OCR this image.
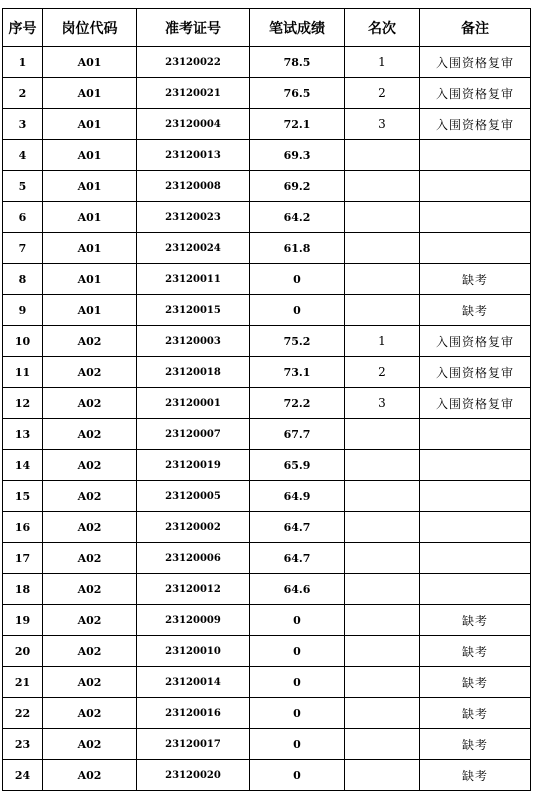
序号	岗位代码	准考证号	笔试成绩	名次	备注
1	A01	23120022	78.5	1	入围资格复审
2	A01	23120021	76.5	2	入围资格复审
3	A01	23120004	72.1	3	入围资格复审
4	A01	23120013	69.3		
5	A01	23120008	69.2		
6	A01	23120023	64.2		
7	A01	23120024	61.8		
8	A01	23120011	0		缺考
9	A01	23120015	0		缺考
10	A02	23120003	75.2	1	入围资格复审
11	A02	23120018	73.1	2	入围资格复审
12	A02	23120001	72.2	3	入围资格复审
13	A02	23120007	67.7		
14	A02	23120019	65.9		
15	A02	23120005	64.9		
16	A02	23120002	64.7		
17	A02	23120006	64.7		
18	A02	23120012	64.6		
19	A02	23120009	0		缺考
20	A02	23120010	0		缺考
21	A02	23120014	0		缺考
22	A02	23120016	0		缺考
23	A02	23120017	0		缺考
24	A02	23120020	0		缺考
